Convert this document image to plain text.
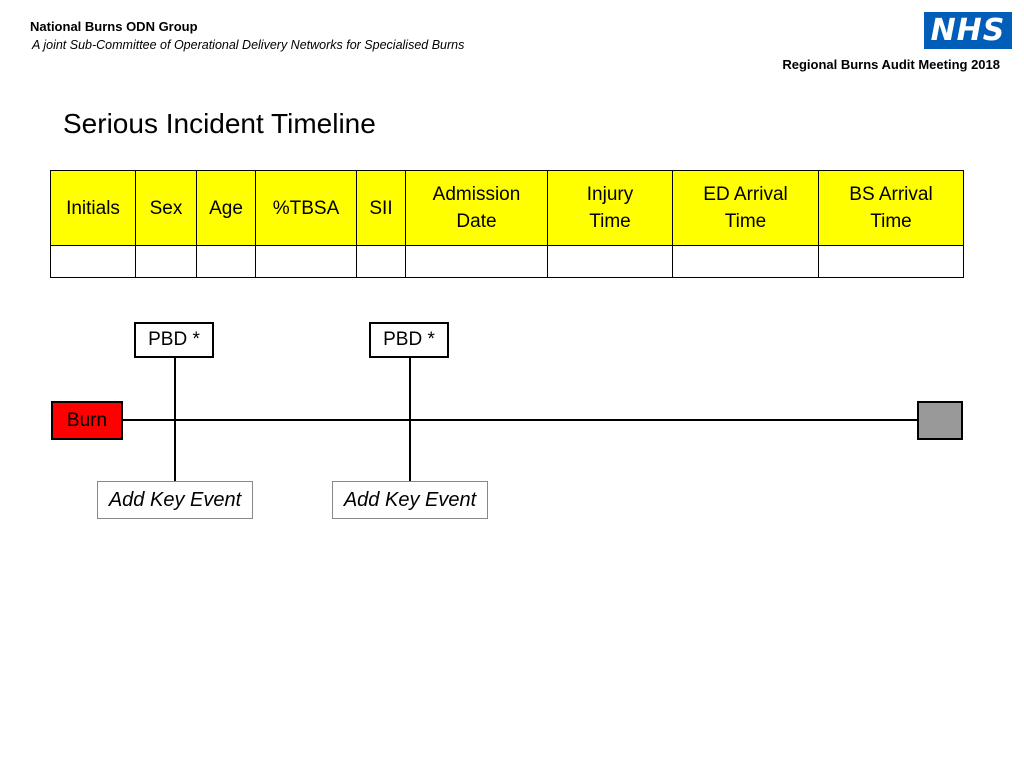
National Burns ODN Group
A joint Sub-Committee of Operational Delivery Networks for Specialised Burns
Regional Burns Audit Meeting 2018
NHS
Serious Incident Timeline
Initials	Sex	Age	%TBSA	SII	Admission Date	Injury Time	ED Arrival Time	BS Arrival Time

PBD *	PBD *
Burn
Add Key Event	Add Key Event
